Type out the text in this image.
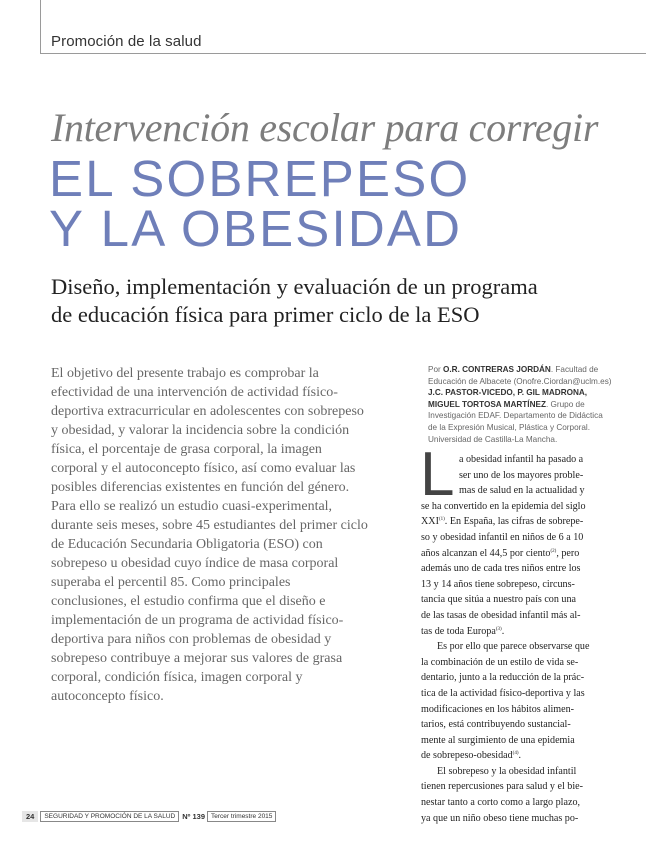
Promoción de la salud
Intervención escolar para corregir
EL SOBREPESO
Y LA OBESIDAD
Diseño, implementación y evaluación de un programa
de educación física para primer ciclo de la ESO
El objetivo del presente trabajo es comprobar la
efectividad de una intervención de actividad físico-
deportiva extracurricular en adolescentes con sobrepeso
y obesidad, y valorar la incidencia sobre la condición
física, el porcentaje de grasa corporal, la imagen
corporal y el autoconcepto físico, así como evaluar las
posibles diferencias existentes en función del género.
Para ello se realizó un estudio cuasi-experimental,
durante seis meses, sobre 45 estudiantes del primer ciclo
de Educación Secundaria Obligatoria (ESO) con
sobrepeso u obesidad cuyo índice de masa corporal
superaba el percentil 85. Como principales
conclusiones, el estudio confirma que el diseño e
implementación de un programa de actividad físico-
deportiva para niños con problemas de obesidad y
sobrepeso contribuye a mejorar sus valores de grasa
corporal, condición física, imagen corporal y
autoconcepto físico.
Por O.R. CONTRERAS JORDÁN. Facultad de
Educación de Albacete (Onofre.Ciordan@uclm.es)
J.C. PASTOR-VICEDO, P. GIL MADRONA,
MIGUEL TORTOSA MARTÍNEZ. Grupo de
Investigación EDAF. Departamento de Didáctica
de la Expresión Musical, Plástica y Corporal.
Universidad de Castilla-La Mancha.
L a obesidad infantil ha pasado a
ser uno de los mayores proble-
mas de salud en la actualidad y
se ha convertido en la epidemia del siglo
XXI$^{(1)}$. En España, las cifras de sobrepe-
so y obesidad infantil en niños de 6 a 10
años alcanzan el 44,5 por ciento$^{(2)}$, pero
además uno de cada tres niños entre los
13 y 14 años tiene sobrepeso, circuns-
tancia que sitúa a nuestro país con una
de las tasas de obesidad infantil más al-
tas de toda Europa$^{(3)}$.
Es por ello que parece observarse que
la combinación de un estilo de vida se-
dentario, junto a la reducción de la prác-
tica de la actividad físico-deportiva y las
modificaciones en los hábitos alimen-
tarios, está contribuyendo sustancial-
mente al surgimiento de una epidemia
de sobrepeso-obesidad$^{(4)}$.
El sobrepeso y la obesidad infantil
tienen repercusiones para salud y el bie-
nestar tanto a corto como a largo plazo,
ya que un niño obeso tiene muchas po-
24	SEGURIDAD Y PROMOCIÓN DE LA SALUD Nº 139 Tercer trimestre 2015
